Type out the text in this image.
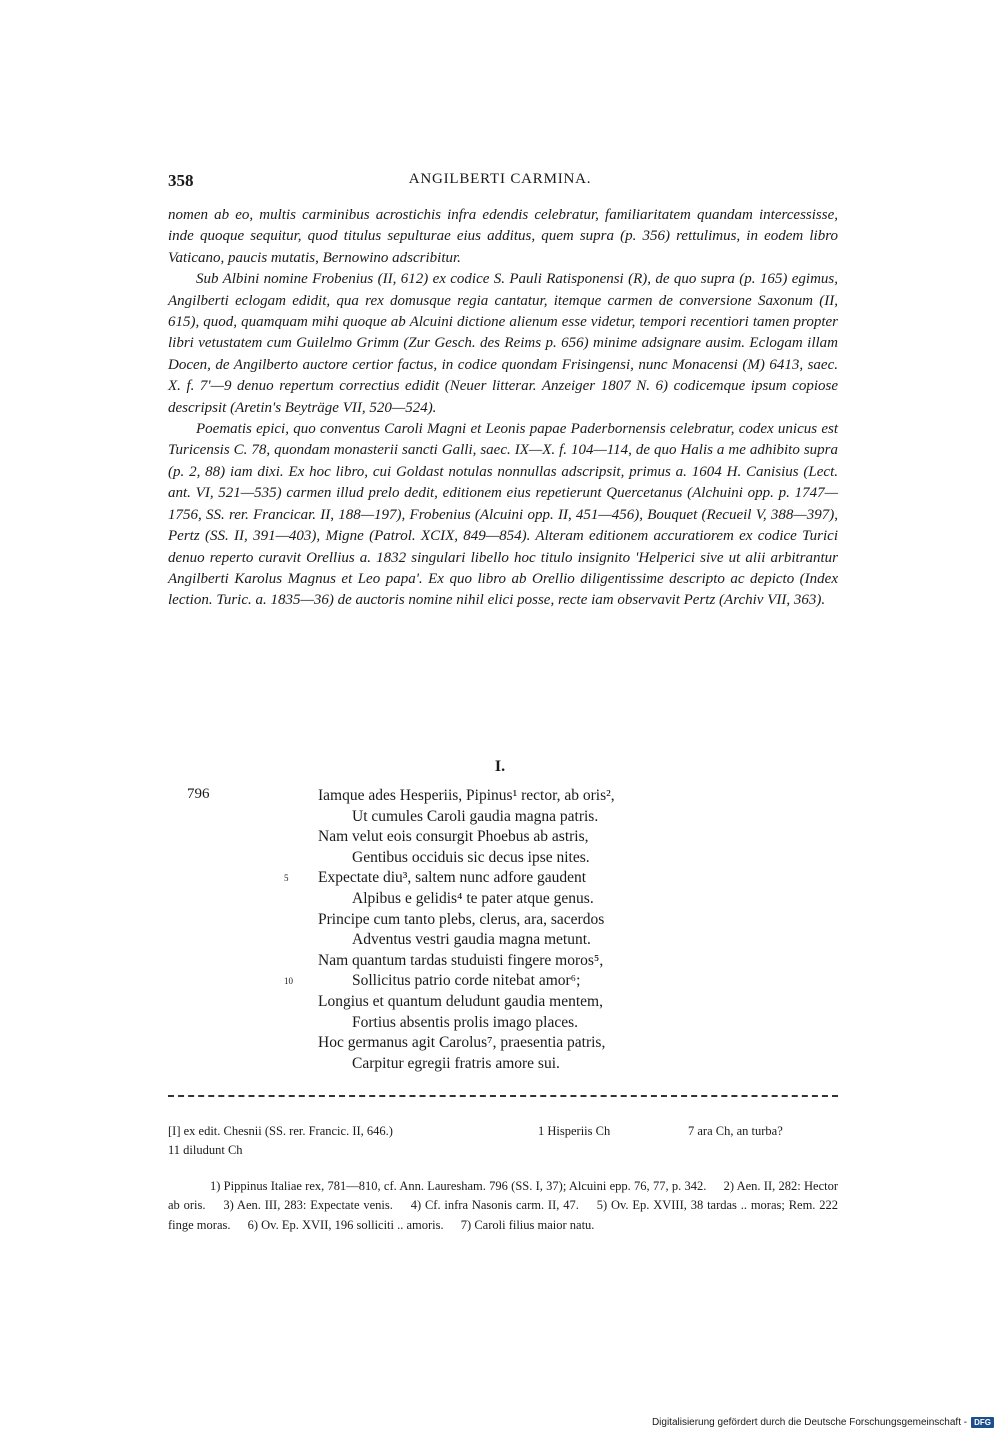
358	ANGILBERTI CARMINA.

nomen ab eo, multis carminibus acrostichis infra edendis celebratur, familiaritatem quandam intercessisse, inde quoque sequitur, quod titulus sepulturae eius additus, quem supra (p. 356) rettulimus, in eodem libro Vaticano, paucis mutatis, Bernowino adscribitur.

Sub Albini nomine Frobenius (II, 612) ex codice S. Pauli Ratisponensi (R), de quo supra (p. 165) egimus, Angilberti eclogam edidit, qua rex domusque regia cantatur, itemque carmen de conversione Saxonum (II, 615), quod, quamquam mihi quoque ab Alcuini dictione alienum esse videtur, tempori recentiori tamen propter libri vetustatem cum Guilelmo Grimm (Zur Gesch. des Reims p. 656) minime adsignare ausim. Eclogam illam Docen, de Angilberto auctore certior factus, in codice quondam Frisingensi, nunc Monacensi (M) 6413, saec. X. f. 7'—9 denuo repertum correctius edidit (Neuer litterar. Anzeiger 1807 N. 6) codicemque ipsum copiose descripsit (Aretin's Beyträge VII, 520—524).

Poematis epici, quo conventus Caroli Magni et Leonis papae Paderbornensis celebratur, codex unicus est Turicensis C. 78, quondam monasterii sancti Galli, saec. IX—X. f. 104—114, de quo Halis a me adhibito supra (p. 2, 88) iam dixi. Ex hoc libro, cui Goldast notulas nonnullas adscripsit, primus a. 1604 H. Canisius (Lect. ant. VI, 521—535) carmen illud prelo dedit, editionem eius repetierunt Quercetanus (Alchuini opp. p. 1747—1756, SS. rer. Francicar. II, 188—197), Frobenius (Alcuini opp. II, 451—456), Bouquet (Recueil V, 388—397), Pertz (SS. II, 391—403), Migne (Patrol. XCIX, 849—854). Alteram editionem accuratiorem ex codice Turici denuo reperto curavit Orellius a. 1832 singulari libello hoc titulo insignito 'Helperici sive ut alii arbitrantur Angilberti Karolus Magnus et Leo papa'. Ex quo libro ab Orellio diligentissime descripto ac depicto (Index lection. Turic. a. 1835—36) de auctoris nomine nihil elici posse, recte iam observavit Pertz (Archiv VII, 363).

I.
796	Iamque ades Hesperiis, Pipinus¹ rector, ab oris²,
Ut cumules Caroli gaudia magna patris.
Nam velut eois consurgit Phoebus ab astris,
Gentibus occiduis sic decus ipse nites.
5 Expectate diu³, saltem nunc adfore gaudent
Alpibus e gelidis⁴ te pater atque genus.
Principe cum tanto plebs, clerus, ara, sacerdos
Adventus vestri gaudia magna metunt.
Nam quantum tardas studuisti fingere moros⁵,
10	Sollicitus patrio corde nitebat amor⁶;
Longius et quantum deludunt gaudia mentem,
Fortius absentis prolis imago places.
Hoc germanus agit Carolus⁷, praesentia patris,
Carpitur egregii fratris amore sui.
[I] ex edit. Chesnii (SS. rer. Francic. II, 646.)	1 Hisperiis Ch	7 ara Ch, an turba?
11 diludunt Ch
1) Pippinus Italiae rex, 781—810, cf. Ann. Lauresham. 796 (SS. I, 37); Alcuini epp. 76, 77, p. 342. 2) Aen. II, 282: Hector ab oris. 3) Aen. III, 283: Expectate venis. 4) Cf. infra Nasonis carm. II, 47. 5) Ov. Ep. XVIII, 38 tardas .. moras; Rem. 222 finge moras. 6) Ov. Ep. XVII, 196 solliciti .. amoris. 7) Caroli filius maior natu.
Digitalisierung gefördert durch die Deutsche Forschungsgemeinschaft - DFG
